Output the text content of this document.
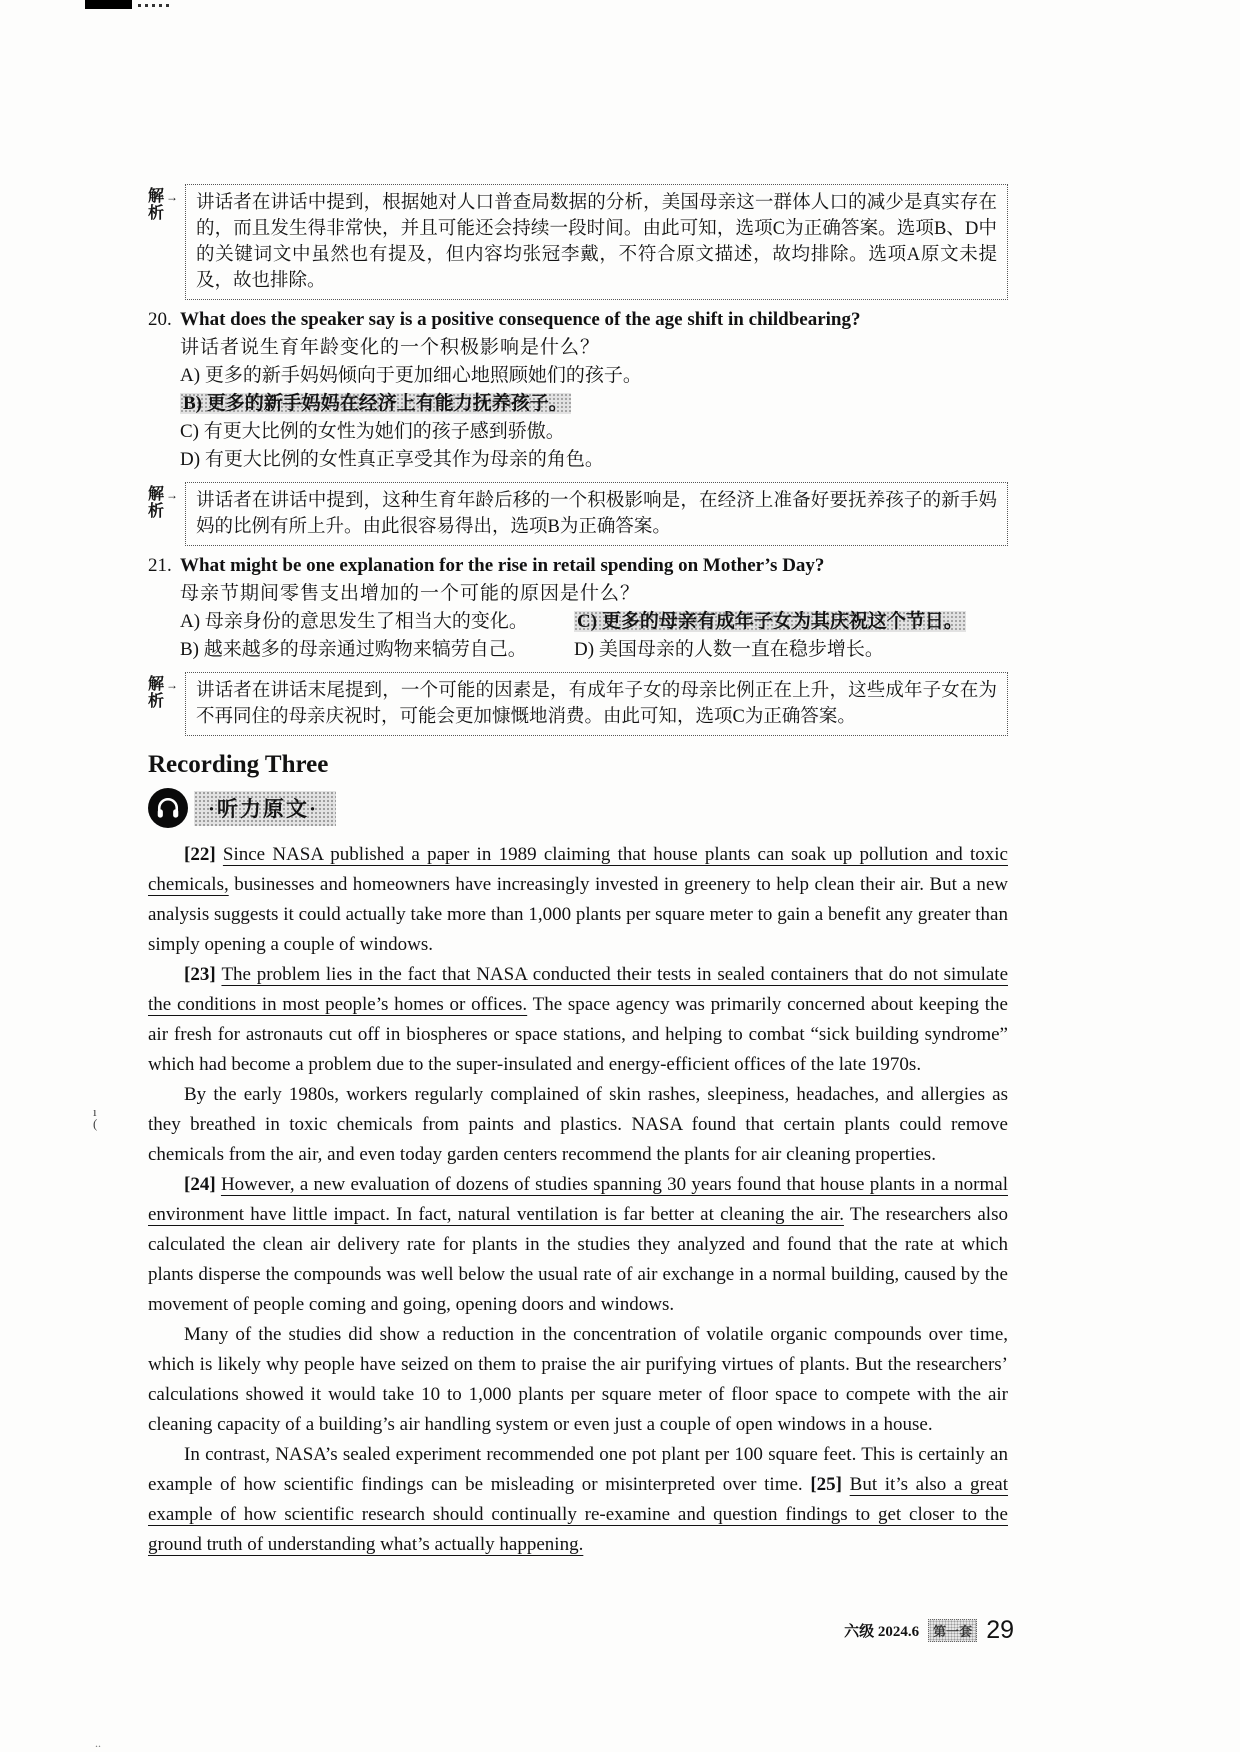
ı
(
..
解析
→ 讲话者在讲话中提到，根据她对人口普查局数据的分析，美国母亲这一群体人口的减少是真实存在的，而且发生得非常快，并且可能还会持续一段时间。由此可知，选项C为正确答案。选项B、D中的关键词文中虽然也有提及，但内容均张冠李戴，不符合原文描述，故均排除。选项A原文未提及，故也排除。
20. What does the speaker say is a positive consequence of the age shift in childbearing?
讲话者说生育年龄变化的一个积极影响是什么？
A) 更多的新手妈妈倾向于更加细心地照顾她们的孩子。
B) 更多的新手妈妈在经济上有能力抚养孩子。
C) 有更大比例的女性为她们的孩子感到骄傲。
D) 有更大比例的女性真正享受其作为母亲的角色。
解析
→ 讲话者在讲话中提到，这种生育年龄后移的一个积极影响是，在经济上准备好要抚养孩子的新手妈妈的比例有所上升。由此很容易得出，选项B为正确答案。
21. What might be one explanation for the rise in retail spending on Mother’s Day?
母亲节期间零售支出增加的一个可能的原因是什么？
A) 母亲身份的意思发生了相当大的变化。	C) 更多的母亲有成年子女为其庆祝这个节日。
B) 越来越多的母亲通过购物来犒劳自己。	D) 美国母亲的人数一直在稳步增长。
解析
→ 讲话者在讲话末尾提到，一个可能的因素是，有成年子女的母亲比例正在上升，这些成年子女在为不再同住的母亲庆祝时，可能会更加慷慨地消费。由此可知，选项C为正确答案。
Recording Three
·听力原文·

[22] Since NASA published a paper in 1989 claiming that house plants can soak up pollution and toxic chemicals, businesses and homeowners have increasingly invested in greenery to help clean their air. But a new analysis suggests it could actually take more than 1,000 plants per square meter to gain a benefit any greater than simply opening a couple of windows.

[23] The problem lies in the fact that NASA conducted their tests in sealed containers that do not simulate the conditions in most people’s homes or offices. The space agency was primarily concerned about keeping the air fresh for astronauts cut off in biospheres or space stations, and helping to combat “sick building syndrome” which had become a problem due to the super-insulated and energy-efficient offices of the late 1970s.

By the early 1980s, workers regularly complained of skin rashes, sleepiness, headaches, and allergies as they breathed in toxic chemicals from paints and plastics. NASA found that certain plants could remove chemicals from the air, and even today garden centers recommend the plants for air cleaning properties.

[24] However, a new evaluation of dozens of studies spanning 30 years found that house plants in a normal environment have little impact. In fact, natural ventilation is far better at cleaning the air. The researchers also calculated the clean air delivery rate for plants in the studies they analyzed and found that the rate at which plants disperse the compounds was well below the usual rate of air exchange in a normal building, caused by the movement of people coming and going, opening doors and windows.

Many of the studies did show a reduction in the concentration of volatile organic compounds over time, which is likely why people have seized on them to praise the air purifying virtues of plants. But the researchers’ calculations showed it would take 10 to 1,000 plants per square meter of floor space to compete with the air cleaning capacity of a building’s air handling system or even just a couple of open windows in a house.

In contrast, NASA’s sealed experiment recommended one pot plant per 100 square feet. This is certainly an example of how scientific findings can be misleading or misinterpreted over time. [25] But it’s also a great example of how scientific research should continually re-examine and question findings to get closer to the ground truth of understanding what’s actually happening.

六级 2024.6	第一套 29
